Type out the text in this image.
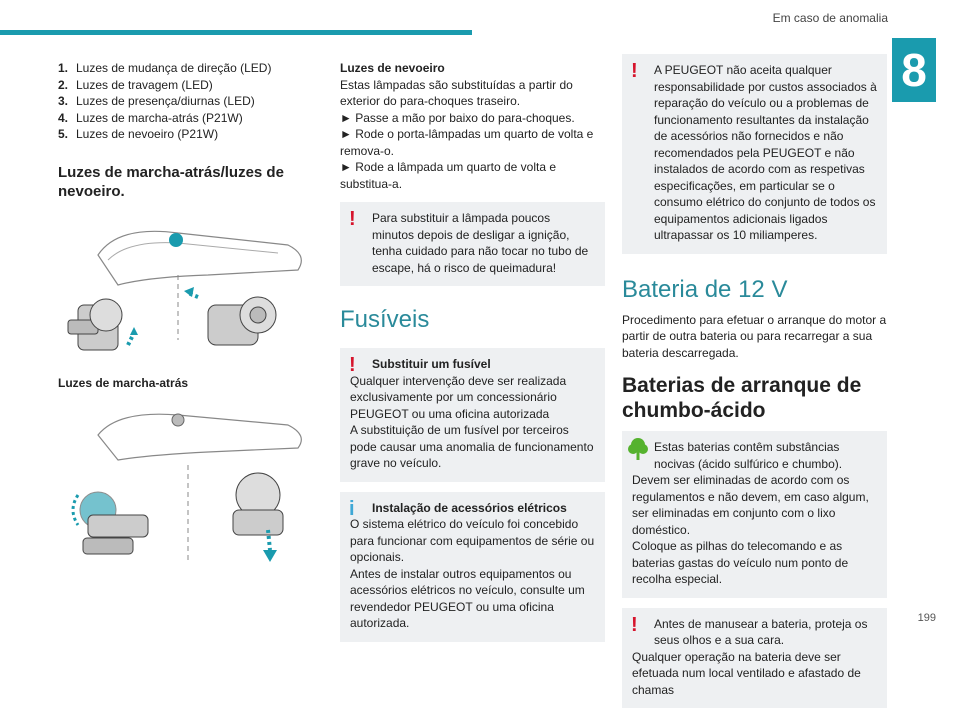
Em caso de anomalia
8
199
1. Luzes de mudança de direção (LED)
2. Luzes de travagem (LED)
3. Luzes de presença/diurnas (LED)
4. Luzes de marcha-atrás (P21W)
5. Luzes de nevoeiro (P21W)
Luzes de marcha-atrás/luzes de nevoeiro.
Luzes de marcha-atrás
Luzes de nevoeiro

Estas lâmpadas são substituídas a partir do exterior do para-choques traseiro.

► Passe a mão por baixo do para-choques.

► Rode o porta-lâmpadas um quarto de volta e remova-o.

► Rode a lâmpada um quarto de volta e substitua-a.

!	Para substituir a lâmpada poucos minutos depois de desligar a ignição, tenha cuidado para não tocar no tubo de escape, há o risco de queimadura!

Fusíveis
!	Substituir um fusível

Qualquer intervenção deve ser realizada exclusivamente por um concessionário PEUGEOT ou uma oficina autorizada

A substituição de um fusível por terceiros pode causar uma anomalia de funcionamento grave no veículo.

i	Instalação de acessórios elétricos

O sistema elétrico do veículo foi concebido para funcionar com equipamentos de série ou opcionais.

Antes de instalar outros equipamentos ou acessórios elétricos no veículo, consulte um revendedor PEUGEOT ou uma oficina autorizada.

!	A PEUGEOT não aceita qualquer responsabilidade por custos associados à reparação do veículo ou a problemas de funcionamento resultantes da instalação de acessórios não fornecidos e não recomendados pela PEUGEOT e não instalados de acordo com as respetivas especificações, em particular se o consumo elétrico do conjunto de todos os equipamentos adicionais ligados ultrapassar os 10 miliamperes.

Bateria de 12 V

Procedimento para efetuar o arranque do motor a partir de outra bateria ou para recarregar a sua bateria descarregada.

Baterias de arranque de chumbo-ácido

Estas baterias contêm substâncias nocivas (ácido sulfúrico e chumbo).

Devem ser eliminadas de acordo com os regulamentos e não devem, em caso algum, ser eliminadas em conjunto com o lixo doméstico.

Coloque as pilhas do telecomando e as baterias gastas do veículo num ponto de recolha especial.

!	Antes de manusear a bateria, proteja os seus olhos e a sua cara.

Qualquer operação na bateria deve ser efetuada num local ventilado e afastado de chamas
